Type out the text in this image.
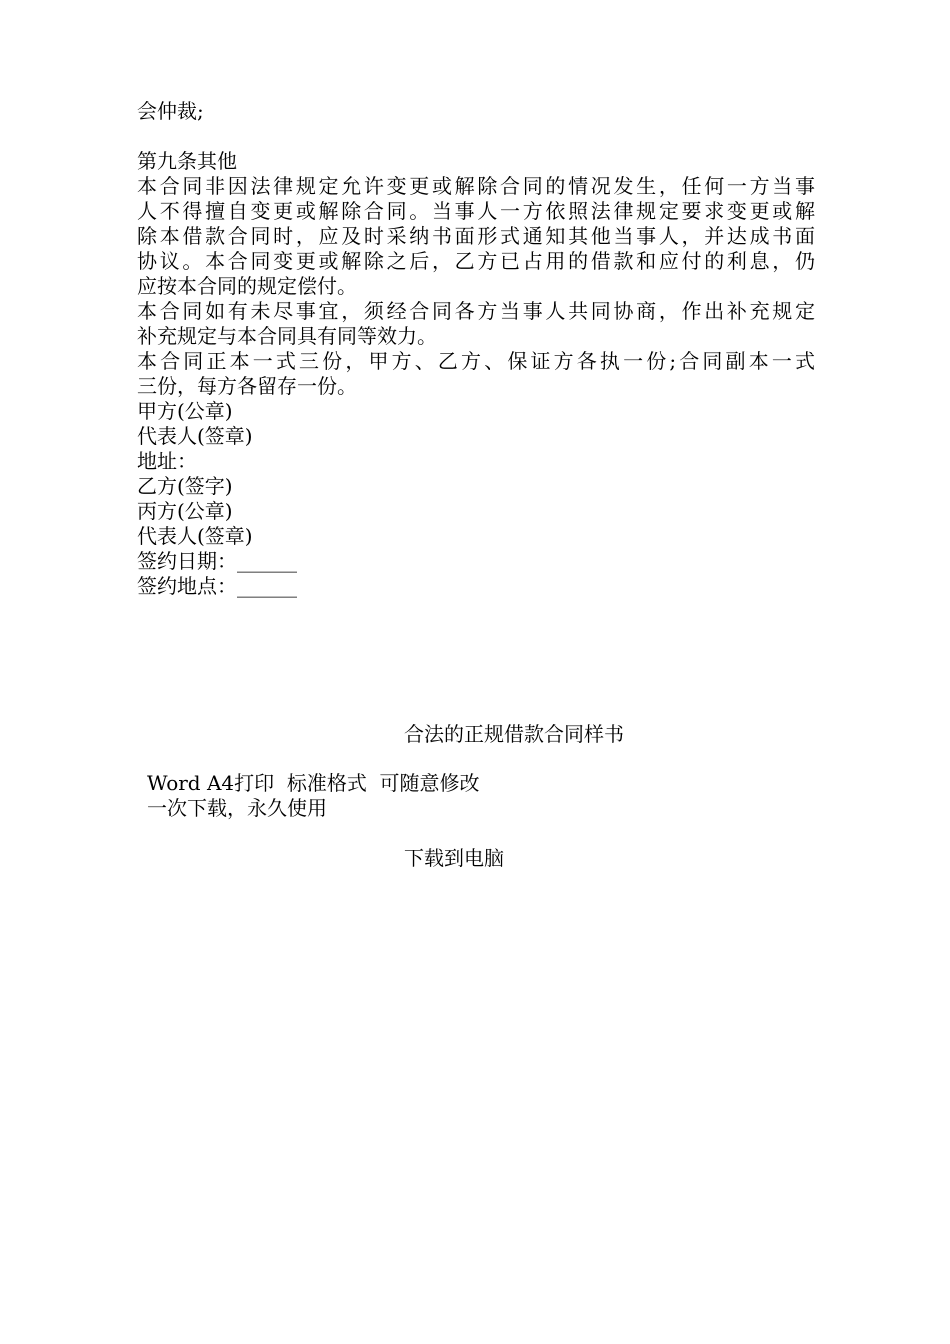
会仲裁;
第九条其他
本合同非因法律规定允许变更或解除合同的情况发生，任何一方当事
人不得擅自变更或解除合同。当事人一方依照法律规定要求变更或解
除本借款合同时，应及时采纳书面形式通知其他当事人，并达成书面
协议。本合同变更或解除之后，乙方已占用的借款和应付的利息，仍
应按本合同的规定偿付。
本合同如有未尽事宜，须经合同各方当事人共同协商，作出补充规定
补充规定与本合同具有同等效力。
本合同正本一式三份，甲方、乙方、保证方各执一份;合同副本一式
三份，每方各留存一份。
甲方(公章)
代表人(签章)
地址：
乙方(签字)
丙方(公章)
代表人(签章)
签约日期：______
签约地点：______
合法的正规借款合同样书
Word A4打印  标准格式  可随意修改
一次下载，永久使用
下载到电脑
